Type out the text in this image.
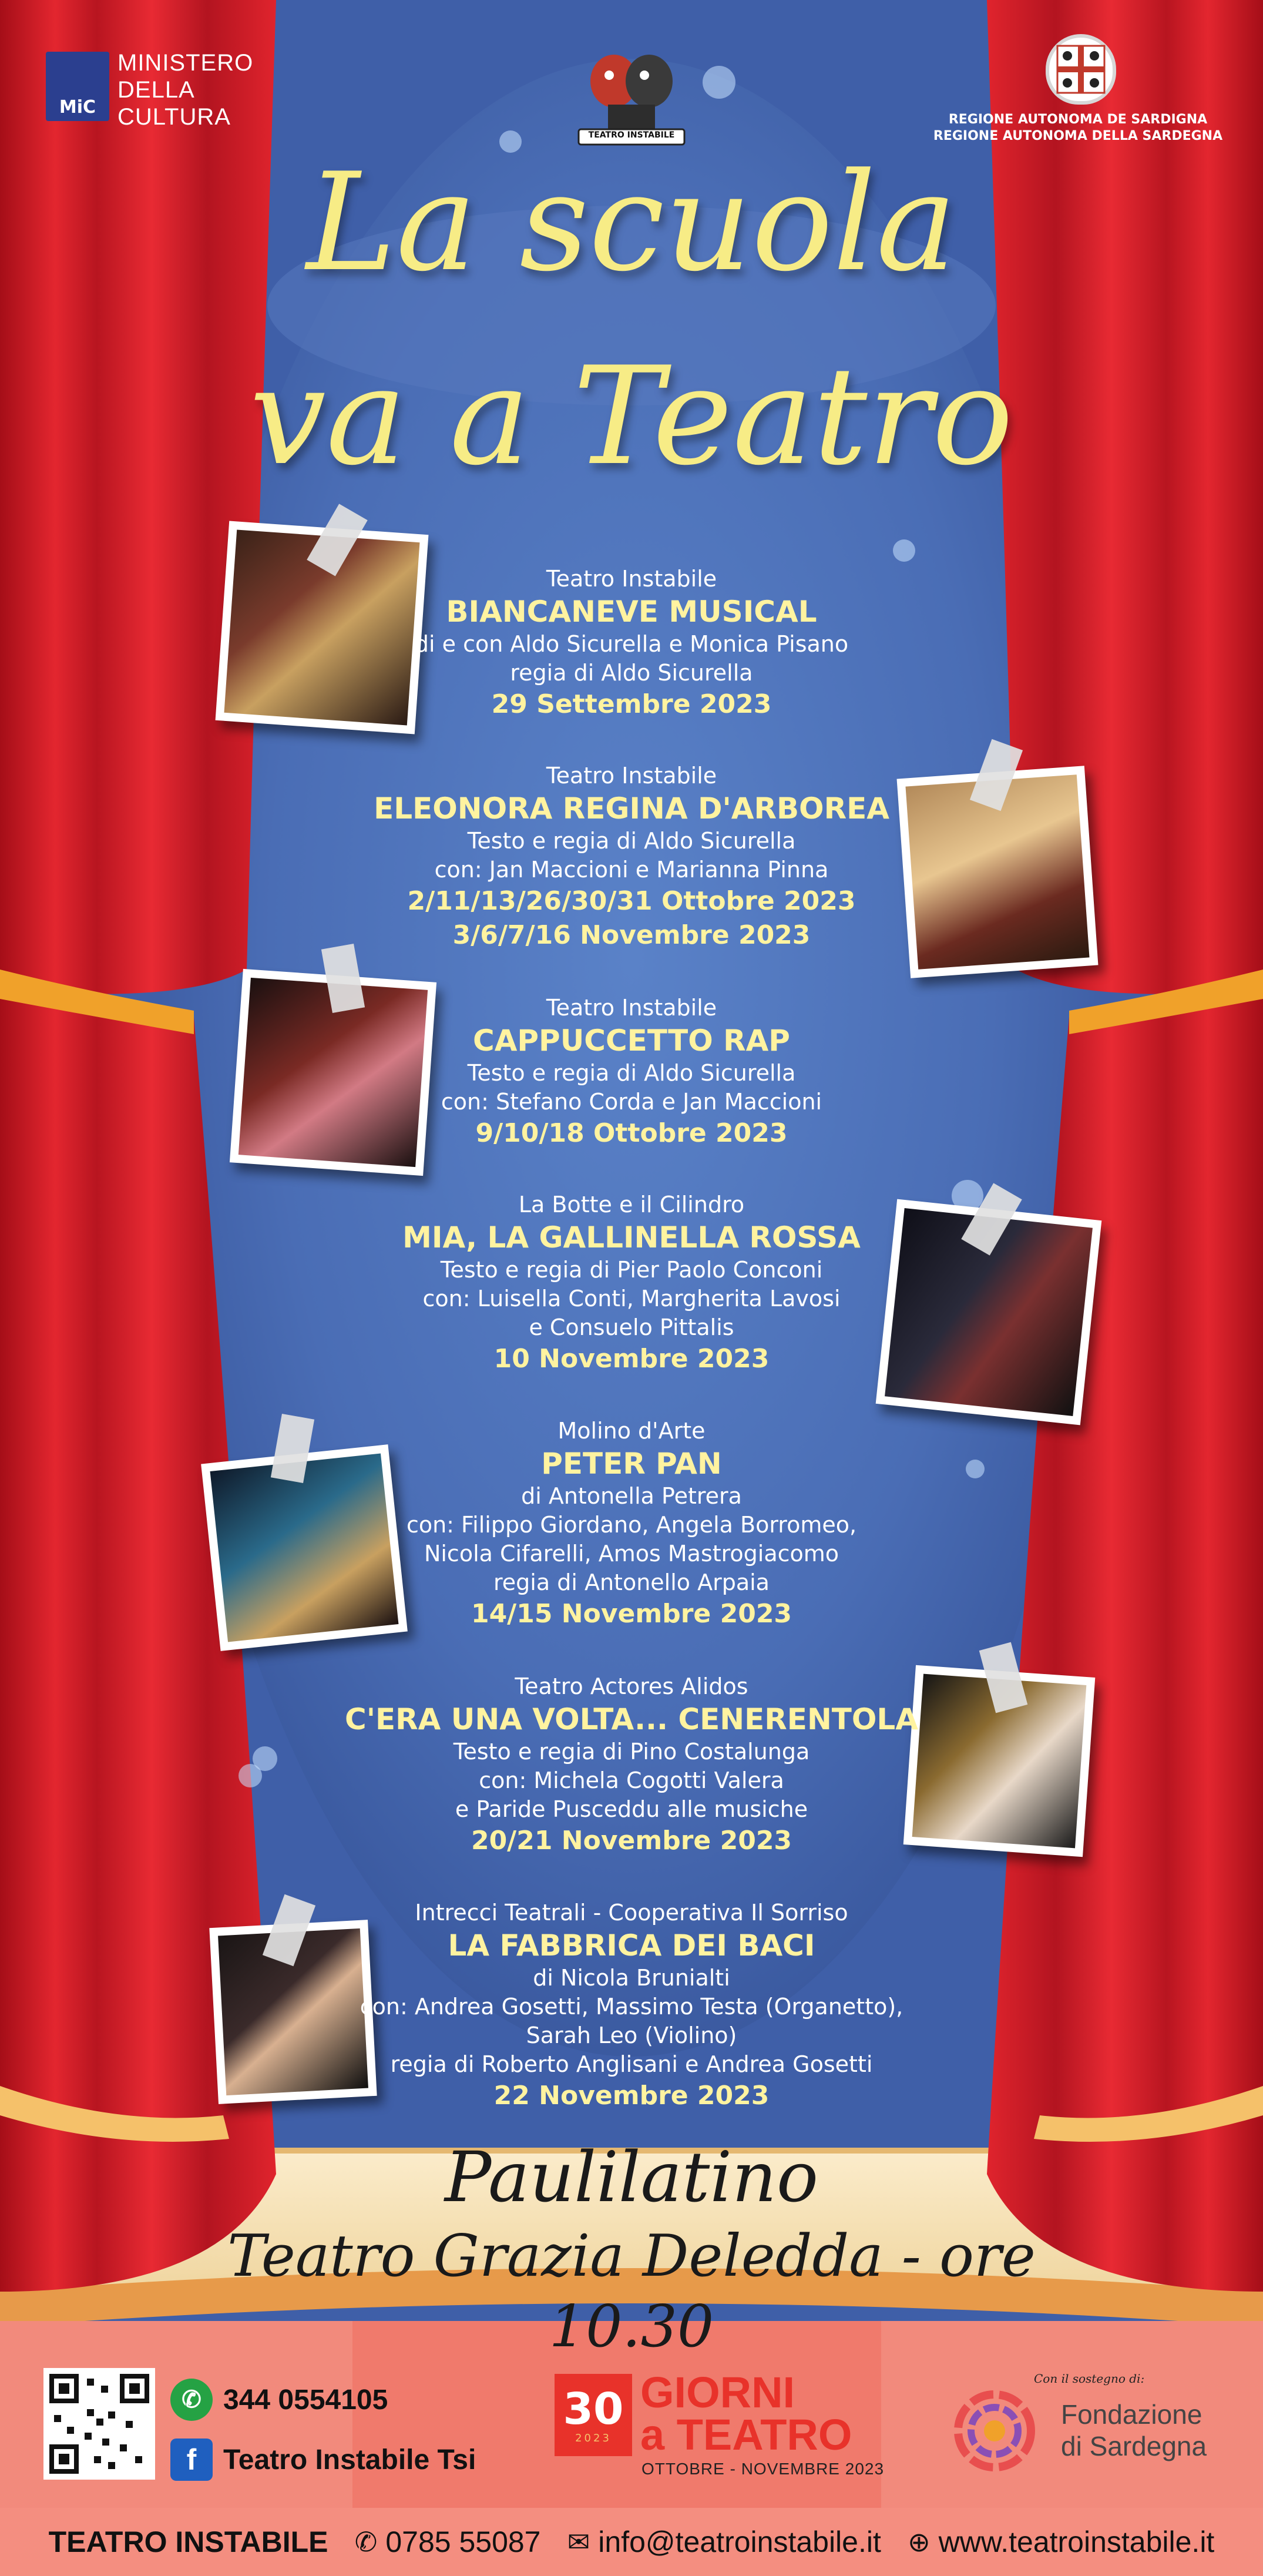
MiC
MINISTERO
DELLA
CULTURA
TEATRO INSTABILE
REGIONE AUTONOMA DE SARDIGNA
REGIONE AUTONOMA DELLA SARDEGNA
La scuola
va a Teatro
Teatro Instabile
BIANCANEVE MUSICAL
di e con Aldo Sicurella e Monica Pisano
regia di Aldo Sicurella
29 Settembre 2023
Teatro Instabile
ELEONORA REGINA D'ARBOREA
Testo e regia di Aldo Sicurella
con: Jan Maccioni e Marianna Pinna
2/11/13/26/30/31 Ottobre 2023
3/6/7/16 Novembre 2023
Teatro Instabile
CAPPUCCETTO RAP
Testo e regia di Aldo Sicurella
con: Stefano Corda e Jan Maccioni
9/10/18 Ottobre 2023
La Botte e il Cilindro
MIA, LA GALLINELLA ROSSA
Testo e regia di Pier Paolo Conconi
con: Luisella Conti, Margherita Lavosi
e Consuelo Pittalis
10 Novembre 2023
Molino d'Arte
PETER PAN
di Antonella Petrera
con: Filippo Giordano, Angela Borromeo,
Nicola Cifarelli, Amos Mastrogiacomo
regia di Antonello Arpaia
14/15 Novembre 2023
Teatro Actores Alidos
C'ERA UNA VOLTA... CENERENTOLA
Testo e regia di Pino Costalunga
con: Michela Cogotti Valera
e Paride Pusceddu alle musiche
20/21 Novembre 2023
Intrecci Teatrali - Cooperativa Il Sorriso
LA FABBRICA DEI BACI
di Nicola Brunialti
con: Andrea Gosetti, Massimo Testa (Organetto),
Sarah Leo (Violino)
regia di Roberto Anglisani e Andrea Gosetti
22 Novembre 2023
Paulilatino
Teatro Grazia Deledda - ore 10.30
✆ 344 0554105
f Teatro Instabile Tsi
30
2023
GIORNI
a TEATRO
OTTOBRE - NOVEMBRE 2023
Con il sostegno di:
Fondazione
di Sardegna
TEATRO INSTABILE ✆ 0785 55087 ✉ info@teatroinstabile.it ⊕ www.teatroinstabile.it
